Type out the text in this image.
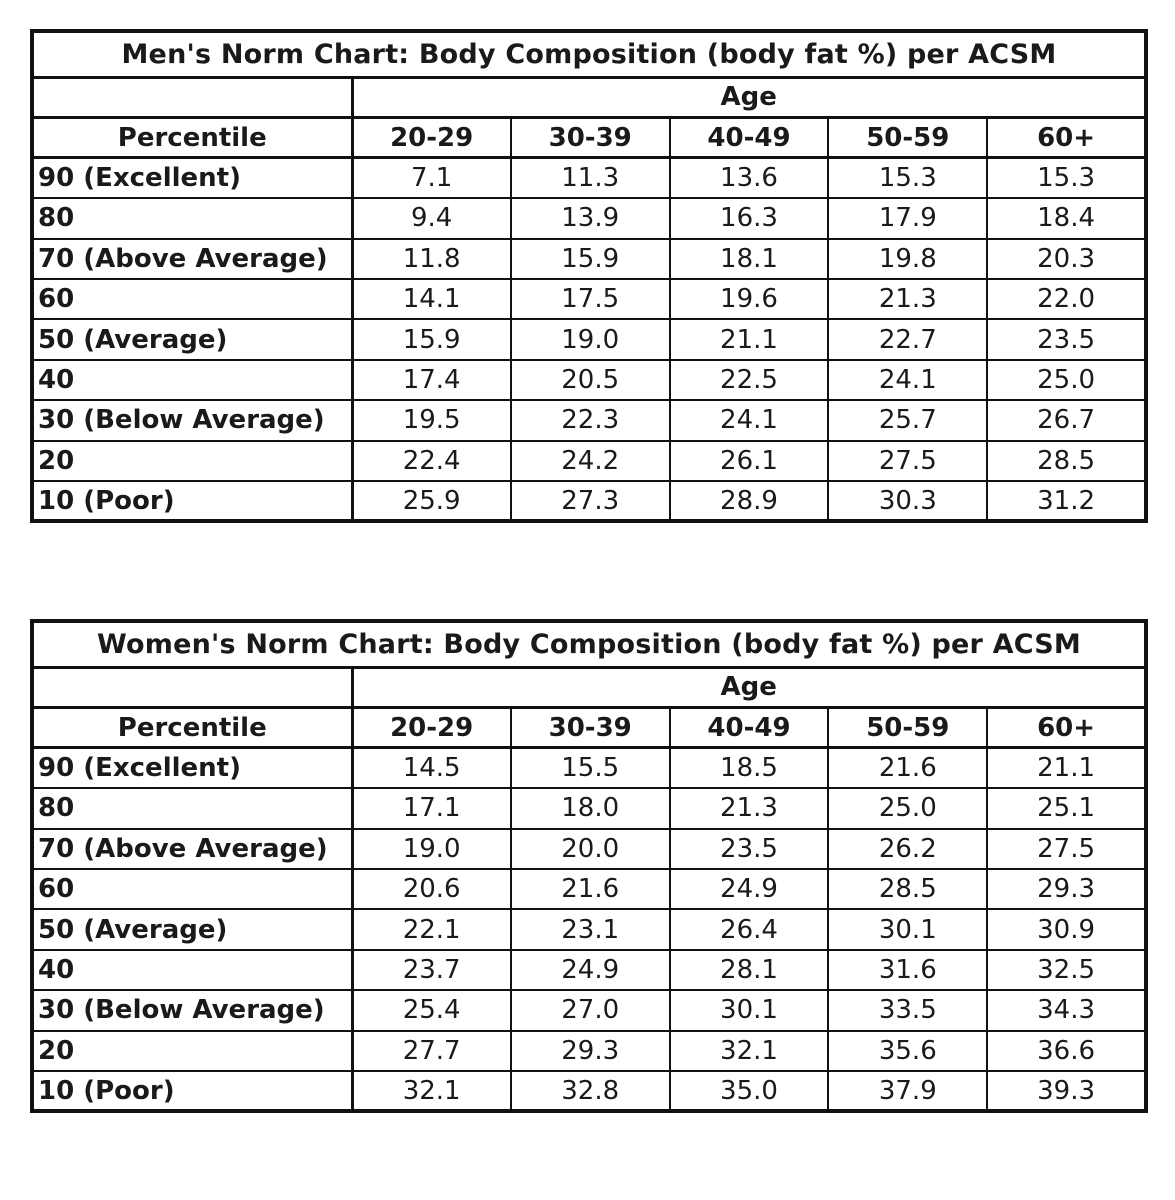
Men's Norm Chart: Body Composition (body fat %) per ACSM					
	Age				
Percentile	20-29	30-39	40-49	50-59	60+
90 (Excellent)	7.1	11.3	13.6	15.3	15.3
80	9.4	13.9	16.3	17.9	18.4
70 (Above Average)	11.8	15.9	18.1	19.8	20.3
60	14.1	17.5	19.6	21.3	22.0
50 (Average)	15.9	19.0	21.1	22.7	23.5
40	17.4	20.5	22.5	24.1	25.0
30 (Below Average)	19.5	22.3	24.1	25.7	26.7
20	22.4	24.2	26.1	27.5	28.5
10 (Poor)	25.9	27.3	28.9	30.3	31.2
Women's Norm Chart: Body Composition (body fat %) per ACSM					
	Age				
Percentile	20-29	30-39	40-49	50-59	60+
90 (Excellent)	14.5	15.5	18.5	21.6	21.1
80	17.1	18.0	21.3	25.0	25.1
70 (Above Average)	19.0	20.0	23.5	26.2	27.5
60	20.6	21.6	24.9	28.5	29.3
50 (Average)	22.1	23.1	26.4	30.1	30.9
40	23.7	24.9	28.1	31.6	32.5
30 (Below Average)	25.4	27.0	30.1	33.5	34.3
20	27.7	29.3	32.1	35.6	36.6
10 (Poor)	32.1	32.8	35.0	37.9	39.3
